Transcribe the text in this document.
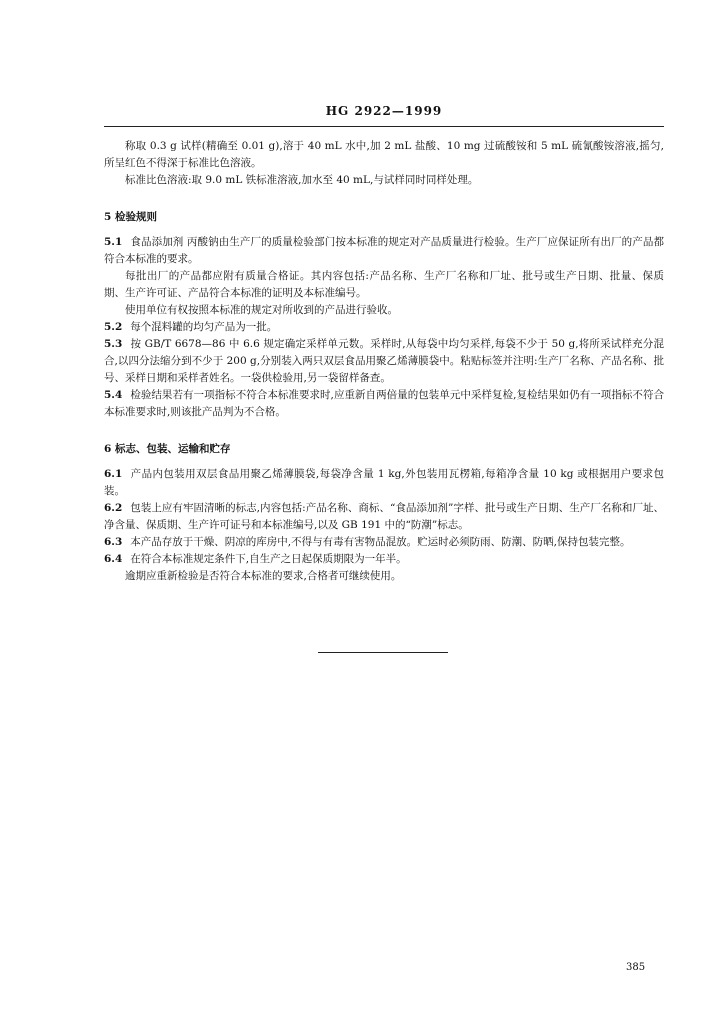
HG 2922—1999

称取 0.3 g 试样(精确至 0.01 g),溶于 40 mL 水中,加 2 mL 盐酸、10 mg 过硫酸铵和 5 mL 硫氰酸铵溶液,摇匀,所呈红色不得深于标准比色溶液。

标准比色溶液:取 9.0 mL 铁标准溶液,加水至 40 mL,与试样同时同样处理。

5 检验规则

5.1 食品添加剂 丙酸钠由生产厂的质量检验部门按本标准的规定对产品质量进行检验。生产厂应保证所有出厂的产品都符合本标准的要求。

每批出厂的产品都应附有质量合格证。其内容包括:产品名称、生产厂名称和厂址、批号或生产日期、批量、保质期、生产许可证、产品符合本标准的证明及本标准编号。

使用单位有权按照本标准的规定对所收到的产品进行验收。

5.2 每个混料罐的均匀产品为一批。

5.3 按 GB/T 6678—86 中 6.6 规定确定采样单元数。采样时,从每袋中均匀采样,每袋不少于 50 g,将所采试样充分混合,以四分法缩分到不少于 200 g,分别装入两只双层食品用聚乙烯薄膜袋中。粘贴标签并注明:生产厂名称、产品名称、批号、采样日期和采样者姓名。一袋供检验用,另一袋留样备查。

5.4 检验结果若有一项指标不符合本标准要求时,应重新自两倍量的包装单元中采样复检,复检结果如仍有一项指标不符合本标准要求时,则该批产品判为不合格。

6 标志、包装、运输和贮存

6.1 产品内包装用双层食品用聚乙烯薄膜袋,每袋净含量 1 kg,外包装用瓦楞箱,每箱净含量 10 kg 或根据用户要求包装。

6.2 包装上应有牢固清晰的标志,内容包括:产品名称、商标、“食品添加剂”字样、批号或生产日期、生产厂名称和厂址、净含量、保质期、生产许可证号和本标准编号,以及 GB 191 中的“防潮”标志。

6.3 本产品存放于干燥、阴凉的库房中,不得与有毒有害物品混放。贮运时必须防雨、防潮、防晒,保持包装完整。

6.4 在符合本标准规定条件下,自生产之日起保质期限为一年半。

逾期应重新检验是否符合本标准的要求,合格者可继续使用。

385
